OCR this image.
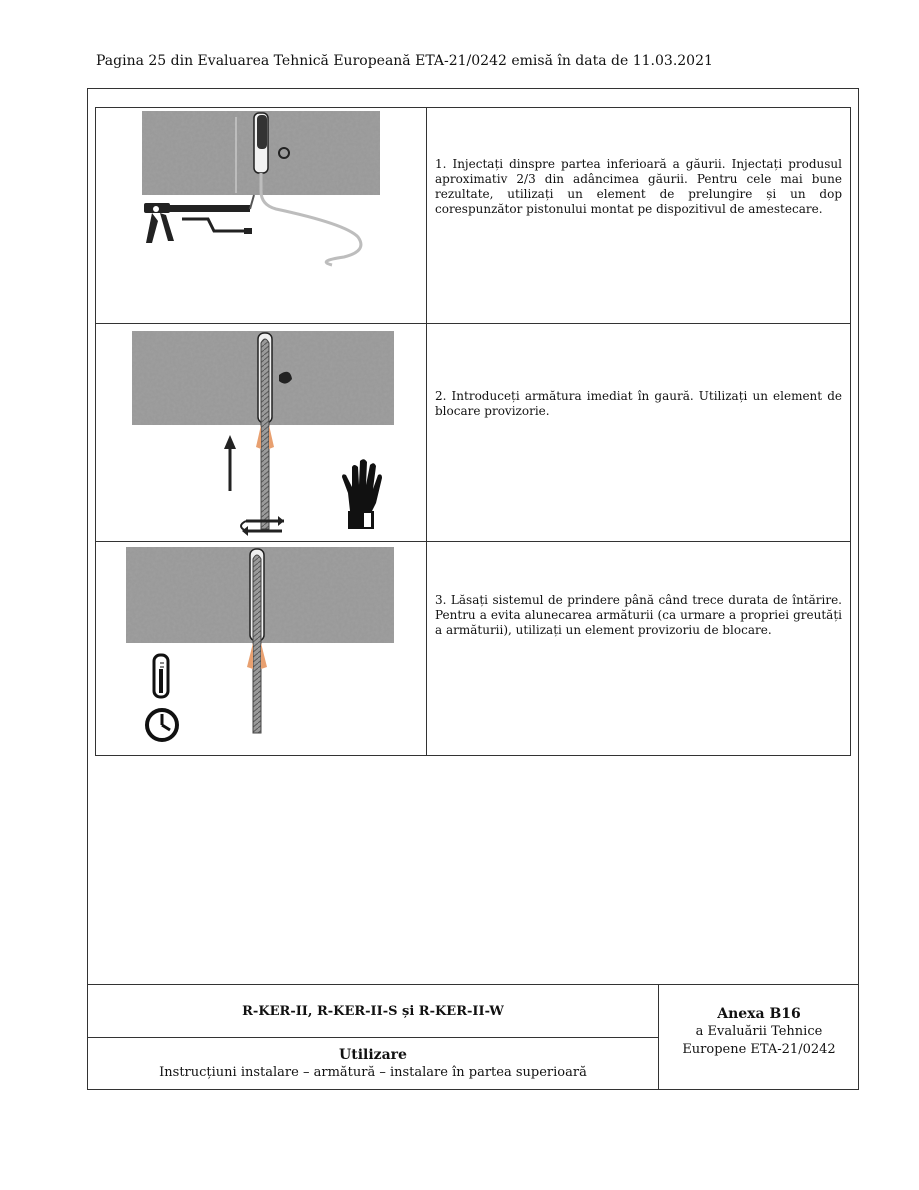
Pagina 25 din Evaluarea Tehnică Europeană ETA-21/0242 emisă în data de 11.03.2021

1. Injectați dinspre partea inferioară a găurii. Injectați produsul aproximativ 2/3 din adâncimea găurii. Pentru cele mai bune rezultate, utilizați un element de prelungire și un dop corespunzător pistonului montat pe dispozitivul de amestecare.

2. Introduceți armătura imediat în gaură. Utilizați un element de blocare provizorie.

3. Lăsați sistemul de prindere până când trece durata de întărire. Pentru a evita alunecarea armăturii (ca urmare a propriei greutăți a armăturii), utilizați un element provizoriu de blocare.
R-KER-II, R-KER-II-S și R-KER-II-W
Utilizare
Instrucțiuni instalare – armătură – instalare în partea superioară
Anexa B16
a Evaluării Tehnice
Europene ETA-21/0242
